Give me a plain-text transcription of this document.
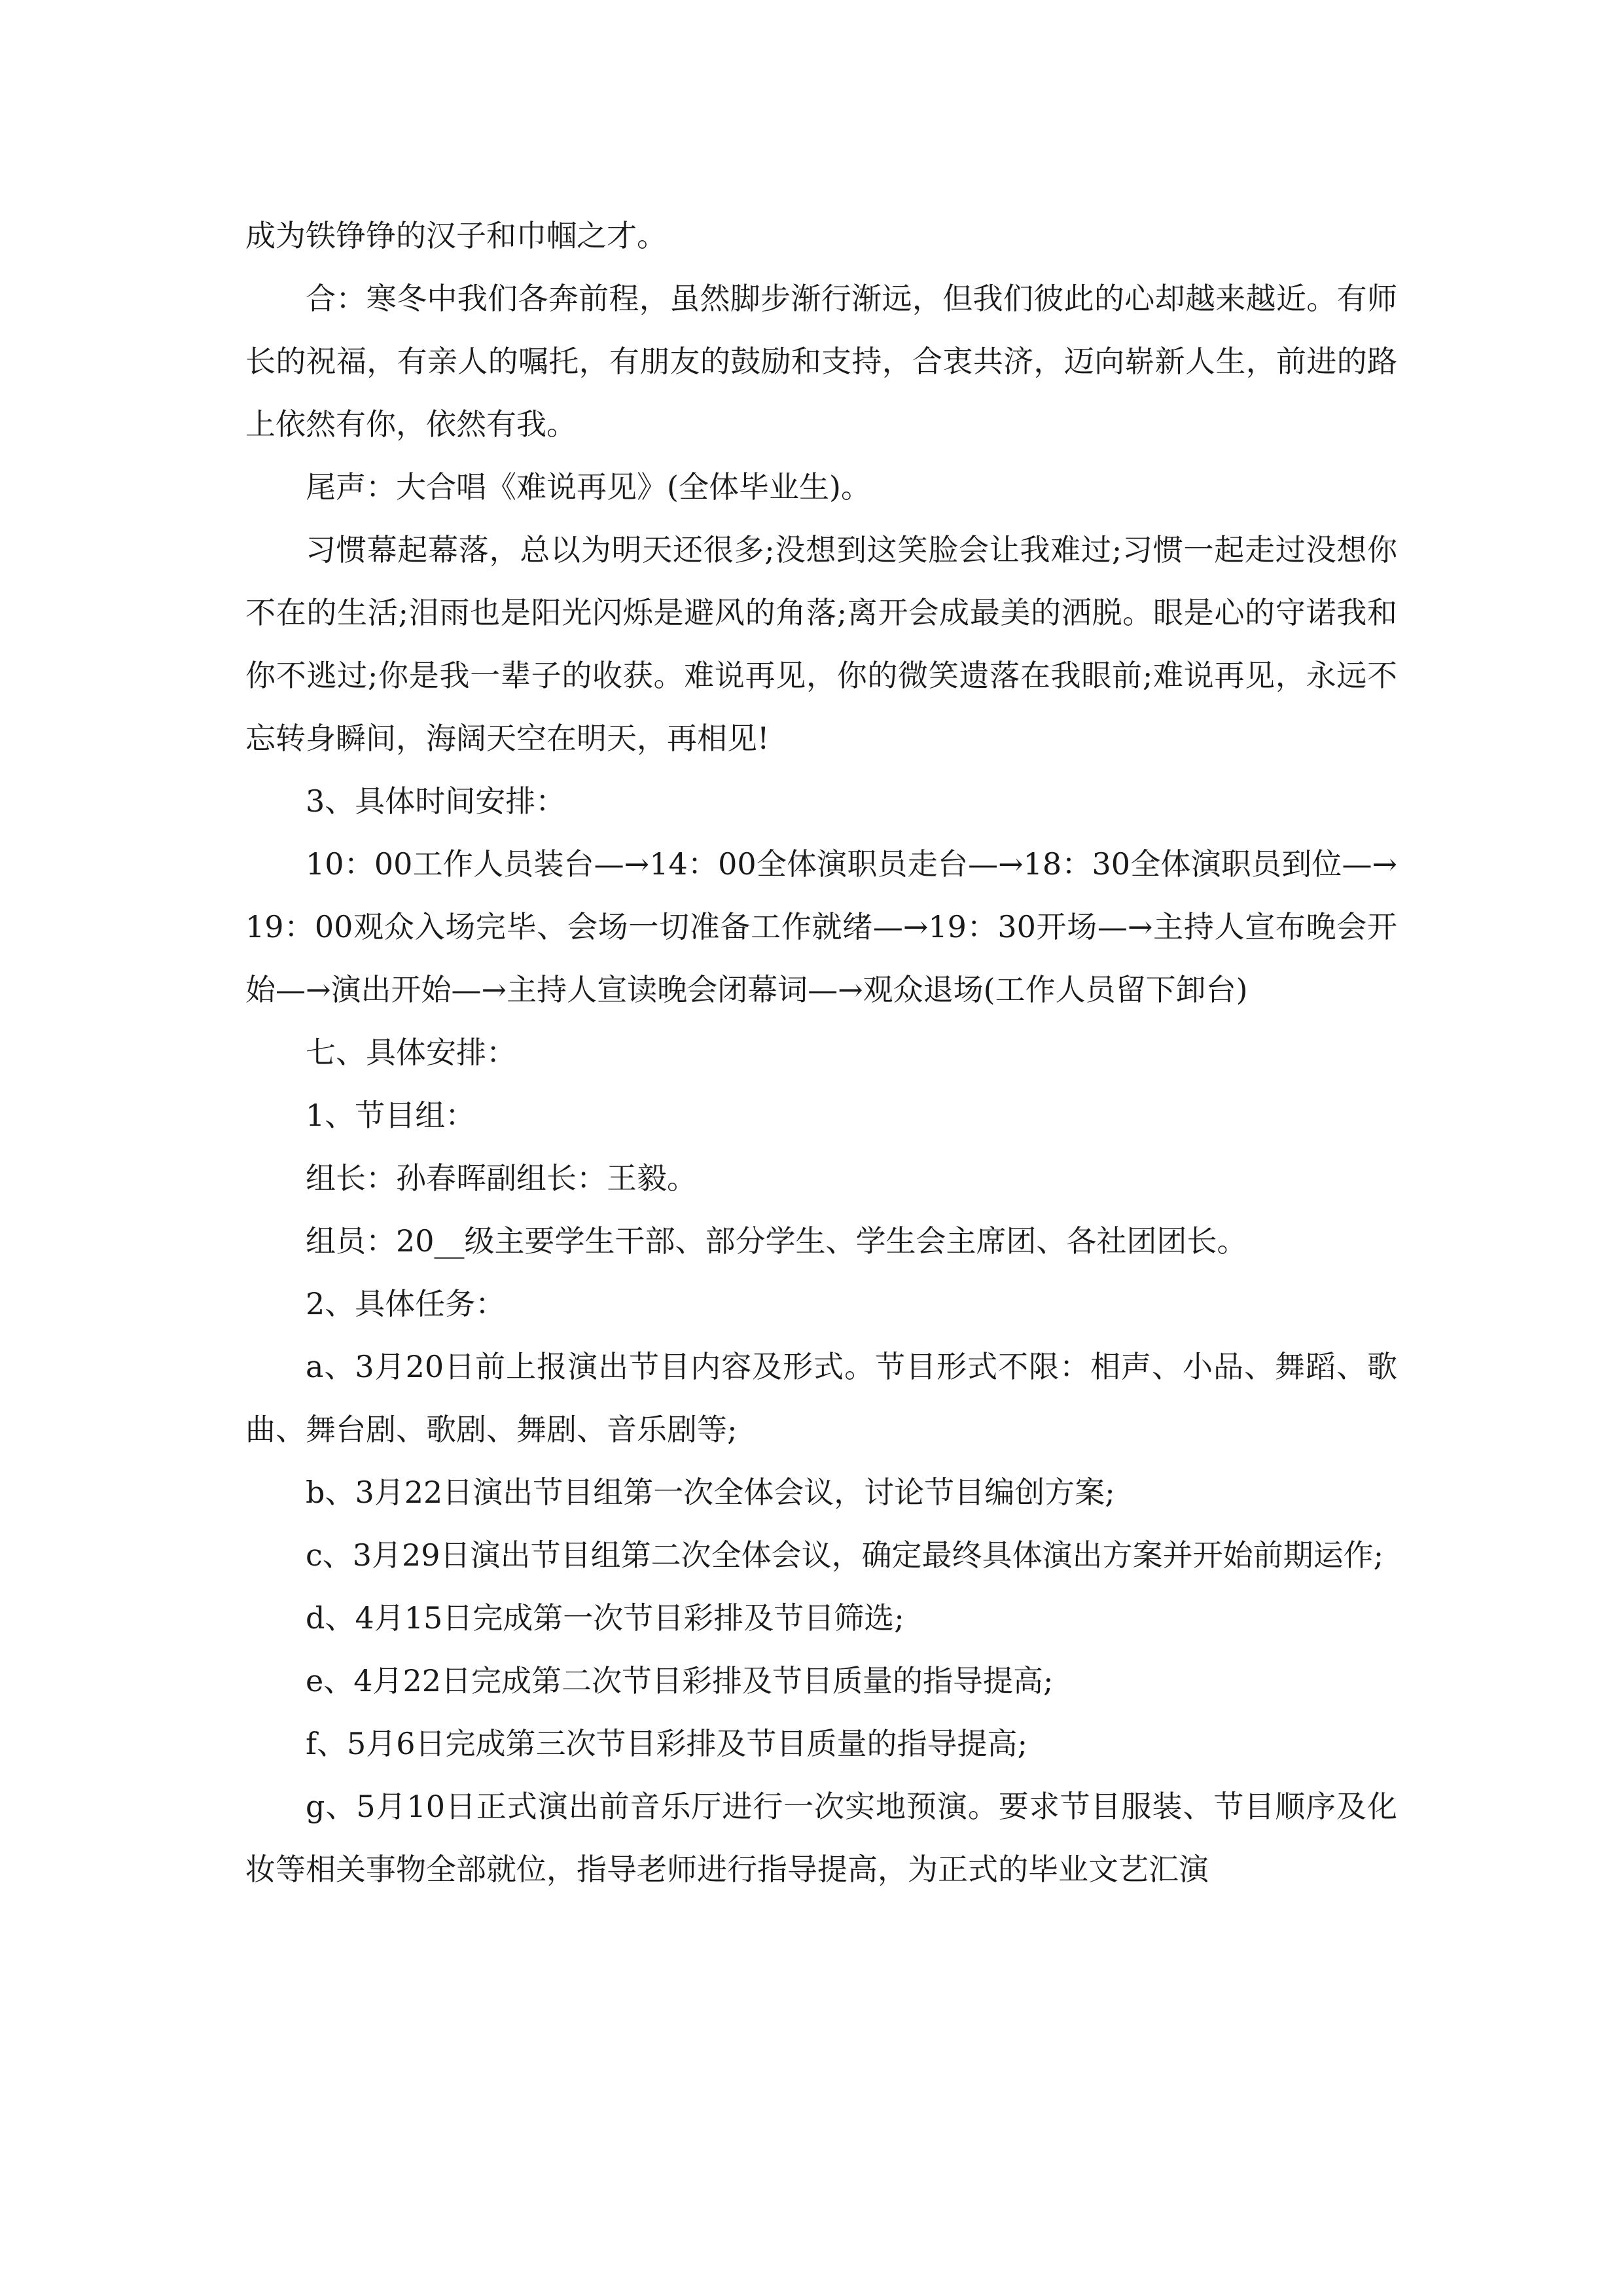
成为铁铮铮的汉子和巾帼之才。

合：寒冬中我们各奔前程，虽然脚步渐行渐远，但我们彼此的心却越来越近。有师长的祝福，有亲人的嘱托，有朋友的鼓励和支持，合衷共济，迈向崭新人生，前进的路上依然有你，依然有我。

尾声：大合唱《难说再见》(全体毕业生)。

习惯幕起幕落，总以为明天还很多;没想到这笑脸会让我难过;习惯一起走过没想你不在的生活;泪雨也是阳光闪烁是避风的角落;离开会成最美的洒脱。眼是心的守诺我和你不逃过;你是我一辈子的收获。难说再见，你的微笑遗落在我眼前;难说再见，永远不忘转身瞬间，海阔天空在明天，再相见!

3、具体时间安排：

10：00工作人员装台—→14：00全体演职员走台—→18：30全体演职员到位—→19：00观众入场完毕、会场一切准备工作就绪—→19：30开场—→主持人宣布晚会开始—→演出开始—→主持人宣读晚会闭幕词—→观众退场(工作人员留下卸台)

七、具体安排：

1、节目组：

组长：孙春晖副组长：王毅。

组员：20__级主要学生干部、部分学生、学生会主席团、各社团团长。

2、具体任务：

a、3月20日前上报演出节目内容及形式。节目形式不限：相声、小品、舞蹈、歌曲、舞台剧、歌剧、舞剧、音乐剧等;

b、3月22日演出节目组第一次全体会议，讨论节目编创方案;

c、3月29日演出节目组第二次全体会议，确定最终具体演出方案并开始前期运作;

d、4月15日完成第一次节目彩排及节目筛选;

e、4月22日完成第二次节目彩排及节目质量的指导提高;

f、5月6日完成第三次节目彩排及节目质量的指导提高;

g、5月10日正式演出前音乐厅进行一次实地预演。要求节目服装、节目顺序及化妆等相关事物全部就位，指导老师进行指导提高，为正式的毕业文艺汇演
